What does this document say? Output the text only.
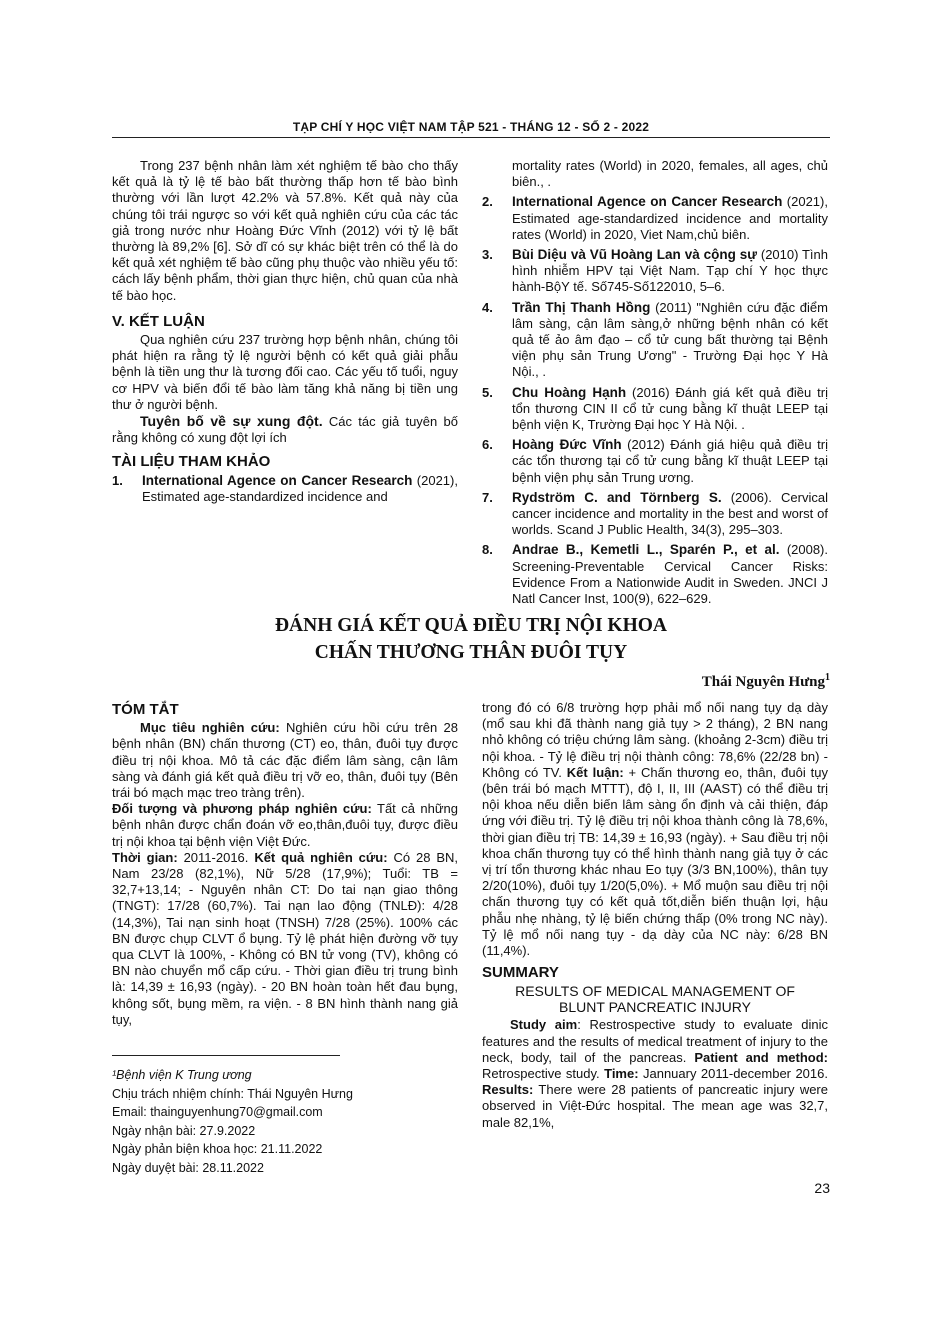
TẠP CHÍ Y HỌC VIỆT NAM TẬP 521 - THÁNG 12 - SỐ 2 - 2022

Trong 237 bệnh nhân làm xét nghiệm tế bào cho thấy kết quả là tỷ lệ tế bào bất thường thấp hơn tế bào bình thường với lần lượt 42.2% và 57.8%. Kết quả này của chúng tôi trái ngược so với kết quả nghiên cứu của các tác giả trong nước như Hoàng Đức Vĩnh (2012) với tỷ lệ bất thường là 89,2% [6]. Sở dĩ có sự khác biệt trên có thể là do kết quả xét nghiệm tế bào cũng phụ thuộc vào nhiều yếu tố: cách lấy bệnh phẩm, thời gian thực hiện, chủ quan của nhà tế bào học.

V. KẾT LUẬN

Qua nghiên cứu 237 trường hợp bệnh nhân, chúng tôi phát hiện ra rằng tỷ lệ người bệnh có kết quả giải phẫu bệnh là tiền ung thư là tương đối cao. Các yếu tố tuổi, nguy cơ HPV và biến đổi tế bào làm tăng khả năng bị tiền ung thư ở người bệnh.

Tuyên bố về sự xung đột. Các tác giả tuyên bố rằng không có xung đột lợi ích

TÀI LIỆU THAM KHẢO
1. International Agence on Cancer Research (2021), Estimated age-standardized incidence and

mortality rates (World) in 2020, females, all ages, chủ biên., .

2. International Agence on Cancer Research (2021), Estimated age-standardized incidence and mortality rates (World) in 2020, Viet Nam,chủ biên.
3. Bùi Diệu và Vũ Hoàng Lan và cộng sự (2010) Tình hình nhiễm HPV tại Việt Nam. Tạp chí Y học thực hành-BộY tế. Số745-Số122010, 5–6.
4. Trần Thị Thanh Hồng (2011) "Nghiên cứu đặc điểm lâm sàng, cận lâm sàng,ở những bệnh nhân có kết quả tế ảo âm đạo – cổ tử cung bất thường tại Bệnh viện phụ sản Trung Ương" - Trường Đại học Y Hà Nội., .
5. Chu Hoàng Hạnh (2016) Đánh giá kết quả điều trị tổn thương CIN II cổ tử cung bằng kĩ thuật LEEP tại bệnh viện K, Trường Đại học Y Hà Nội. .
6. Hoàng Đức Vĩnh (2012) Đánh giá hiệu quả điều trị các tổn thương tại cổ tử cung bằng kĩ thuật LEEP tại bệnh viện phụ sản Trung ương.
7. Rydström C. and Törnberg S. (2006). Cervical cancer incidence and mortality in the best and worst of worlds. Scand J Public Health, 34(3), 295–303.
8. Andrae B., Kemetli L., Sparén P., et al. (2008). Screening-Preventable Cervical Cancer Risks: Evidence From a Nationwide Audit in Sweden. JNCI J Natl Cancer Inst, 100(9), 622–629.
ĐÁNH GIÁ KẾT QUẢ ĐIỀU TRỊ NỘI KHOA
CHẤN THƯƠNG THÂN ĐUÔI TỤY
Thái Nguyên Hưng$^1$
TÓM TẮT

Mục tiêu nghiên cứu: Nghiên cứu hồi cứu trên 28 bệnh nhân (BN) chấn thương (CT) eo, thân, đuôi tụy được điều trị nội khoa. Mô tả các đặc điểm lâm sàng, cận lâm sàng và đánh giá kết quả điều trị vỡ eo, thân, đuôi tụy (Bên trái bó mạch mạc treo tràng trên).

Đối tượng và phương pháp nghiên cứu: Tất cả những bệnh nhân được chẩn đoán vỡ eo,thân,đuôi tụy, được điều trị nội khoa tại bệnh viện Việt Đức.

Thời gian: 2011-2016. Kết quả nghiên cứu: Có 28 BN, Nam 23/28 (82,1%), Nữ 5/28 (17,9%); Tuổi: TB = 32,7+13,14; - Nguyên nhân CT: Do tai nạn giao thông (TNGT): 17/28 (60,7%). Tai nạn lao động (TNLĐ): 4/28 (14,3%), Tai nạn sinh hoạt (TNSH) 7/28 (25%). 100% các BN được chụp CLVT ổ bụng. Tỷ lệ phát hiện đường vỡ tụy qua CLVT là 100%, - Không có BN tử vong (TV), không có BN nào chuyển mổ cấp cứu. - Thời gian điều trị trung bình là: 14,39 ± 16,93 (ngày). - 20 BN hoàn toàn hết đau bụng, không sốt, bụng mềm, ra viện. - 8 BN hình thành nang giả tụy,

trong đó có 6/8 trường hợp phải mổ nối nang tụy dạ dày (mổ sau khi đã thành nang giả tụy > 2 tháng), 2 BN nang nhỏ không có triệu chứng lâm sàng. (khoảng 2-3cm) điều trị nội khoa. - Tỷ lệ điều trị nội thành công: 78,6% (22/28 bn) - Không có TV. Kết luận: + Chấn thương eo, thân, đuôi tụy (bên trái bó mạch MTTT), độ I, II, III (AAST) có thể điều trị nội khoa nếu diễn biến lâm sàng ổn định và cải thiện, đáp ứng với điều trị. Tỷ lệ điều trị nội khoa thành công là 78,6%, thời gian điều trị TB: 14,39 ± 16,93 (ngày). + Sau điều trị nội khoa chấn thương tụy có thể hình thành nang giả tụy ở các vị trí tổn thương khác nhau Eo tụy (3/3 BN,100%), thân tụy 2/20(10%), đuôi tụy 1/20(5,0%). + Mổ muộn sau điều trị nội chấn thương tụy có kết quả tốt,diễn biến thuận lợi, hậu phẫu nhẹ nhàng, tỷ lệ biến chứng thấp (0% trong NC này). Tỷ lệ mổ nối nang tụy - dạ dày của NC này: 6/28 BN (11,4%).

SUMMARY

RESULTS OF MEDICAL MANAGEMENT OF

BLUNT PANCREATIC INJURY

Study aim: Restrospective study to evaluate dinic features and the results of medical treatment of injury to the neck, body, tail of the pancreas. Patient and method: Retrospective study. Time: Jannuary 2011-december 2016. Results: There were 28 patients of pancreatic injury were observed in Việt-Đức hospital. The mean age was 32,7, male 82,1%,

¹Bệnh viện K Trung ương
Chịu trách nhiệm chính: Thái Nguyên Hưng
Email: thainguyenhung70@gmail.com
Ngày nhận bài: 27.9.2022
Ngày phản biện khoa học: 21.11.2022
Ngày duyệt bài: 28.11.2022
23
